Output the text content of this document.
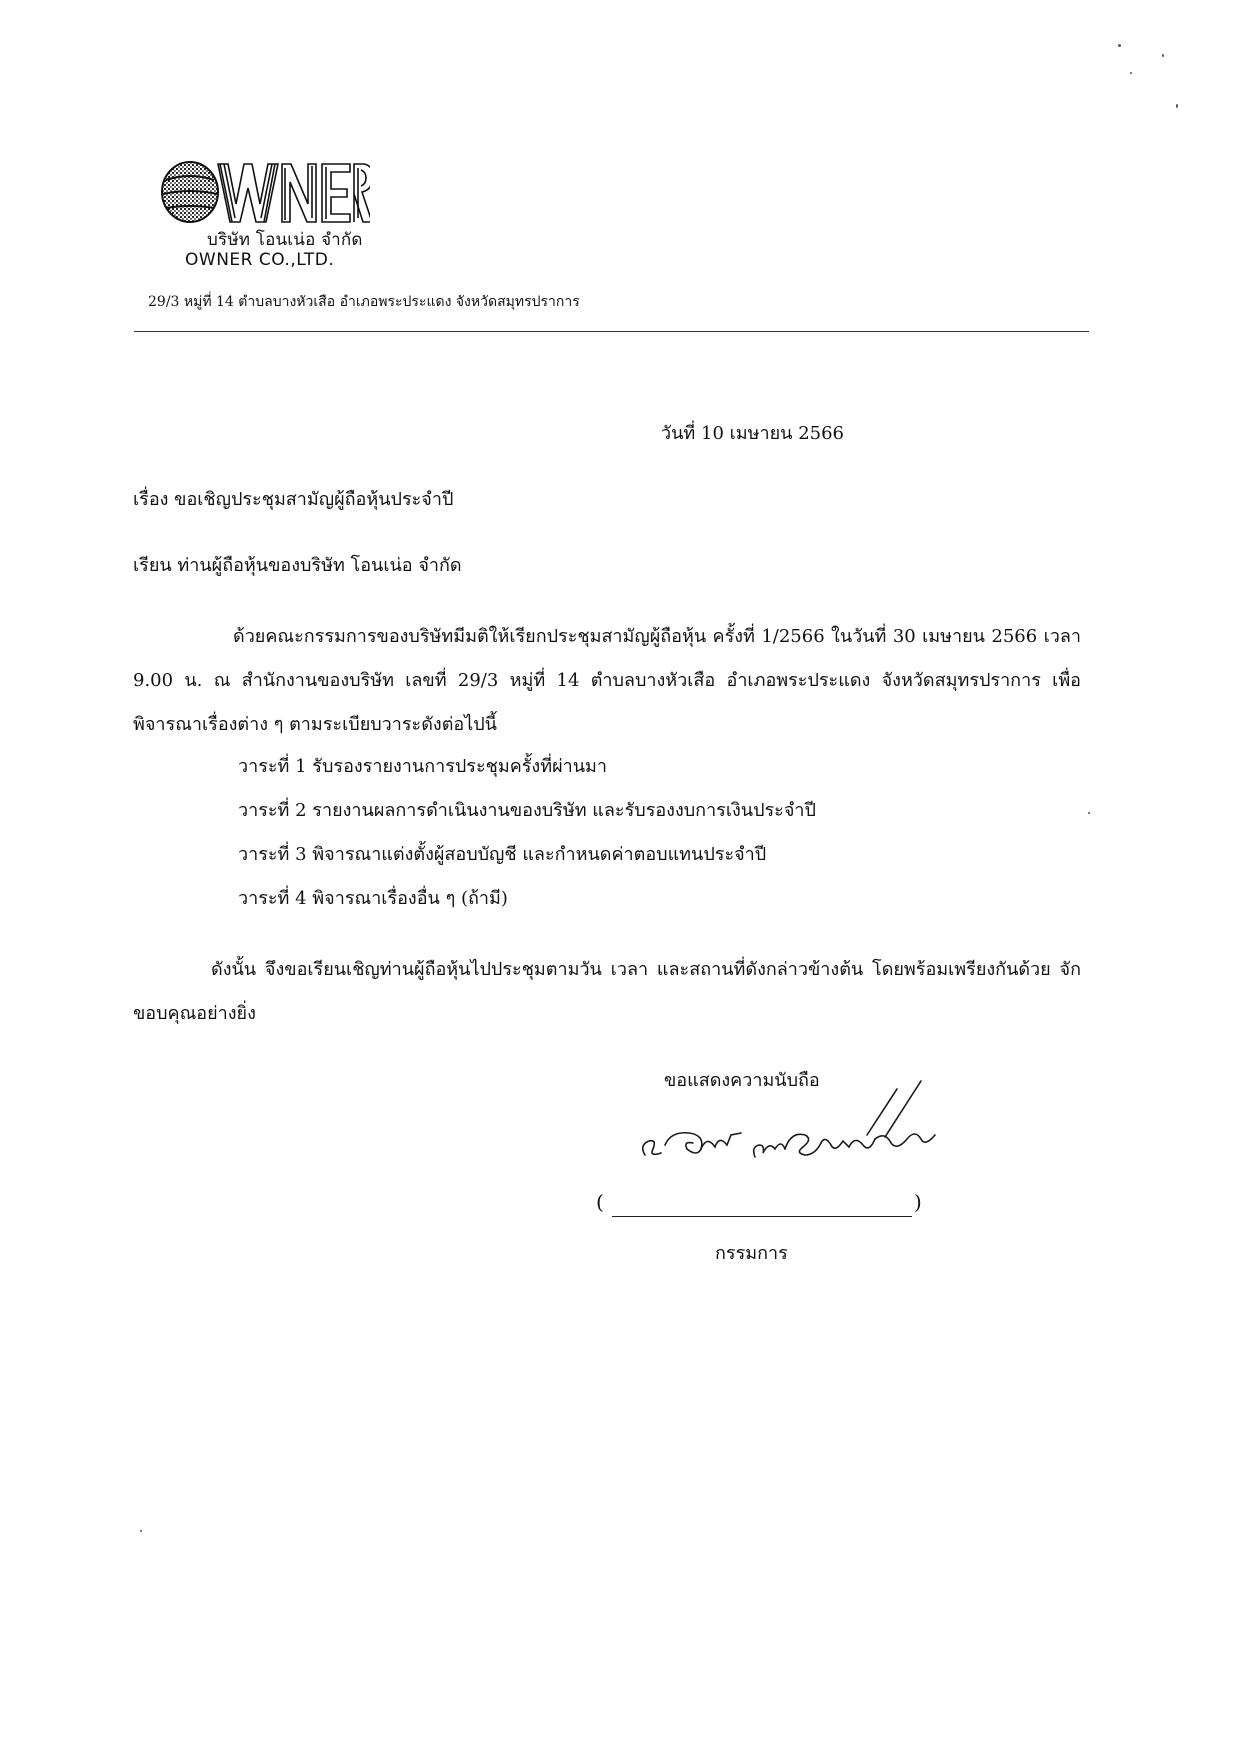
บริษัท โอนเน่อ จำกัด
OWNER CO.,LTD.
29/3 หมู่ที่ 14 ตำบลบางหัวเสือ อำเภอพระประแดง จังหวัดสมุทรปราการ
วันที่ 10 เมษายน 2566
เรื่อง ขอเชิญประชุมสามัญผู้ถือหุ้นประจำปี
เรียน ท่านผู้ถือหุ้นของบริษัท โอนเน่อ จำกัด

ด้วยคณะกรรมการของบริษัทมีมติให้เรียกประชุมสามัญผู้ถือหุ้น ครั้งที่ 1/2566 ในวันที่ 30 เมษายน 2566 เวลา 9.00 น. ณ สำนักงานของบริษัท เลขที่ 29/3 หมู่ที่ 14 ตำบลบางหัวเสือ อำเภอพระประแดง จังหวัดสมุทรปราการ เพื่อพิจารณาเรื่องต่าง ๆ ตามระเบียบวาระดังต่อไปนี้

วาระที่ 1 รับรองรายงานการประชุมครั้งที่ผ่านมา
วาระที่ 2 รายงานผลการดำเนินงานของบริษัท และรับรองงบการเงินประจำปี
วาระที่ 3 พิจารณาแต่งตั้งผู้สอบบัญชี และกำหนดค่าตอบแทนประจำปี
วาระที่ 4 พิจารณาเรื่องอื่น ๆ (ถ้ามี)

ดังนั้น จึงขอเรียนเชิญท่านผู้ถือหุ้นไปประชุมตามวัน เวลา และสถานที่ดังกล่าวข้างต้น โดยพร้อมเพรียงกันด้วย จักขอบคุณอย่างยิ่ง

ขอแสดงความนับถือ
(	)
กรรมการ
